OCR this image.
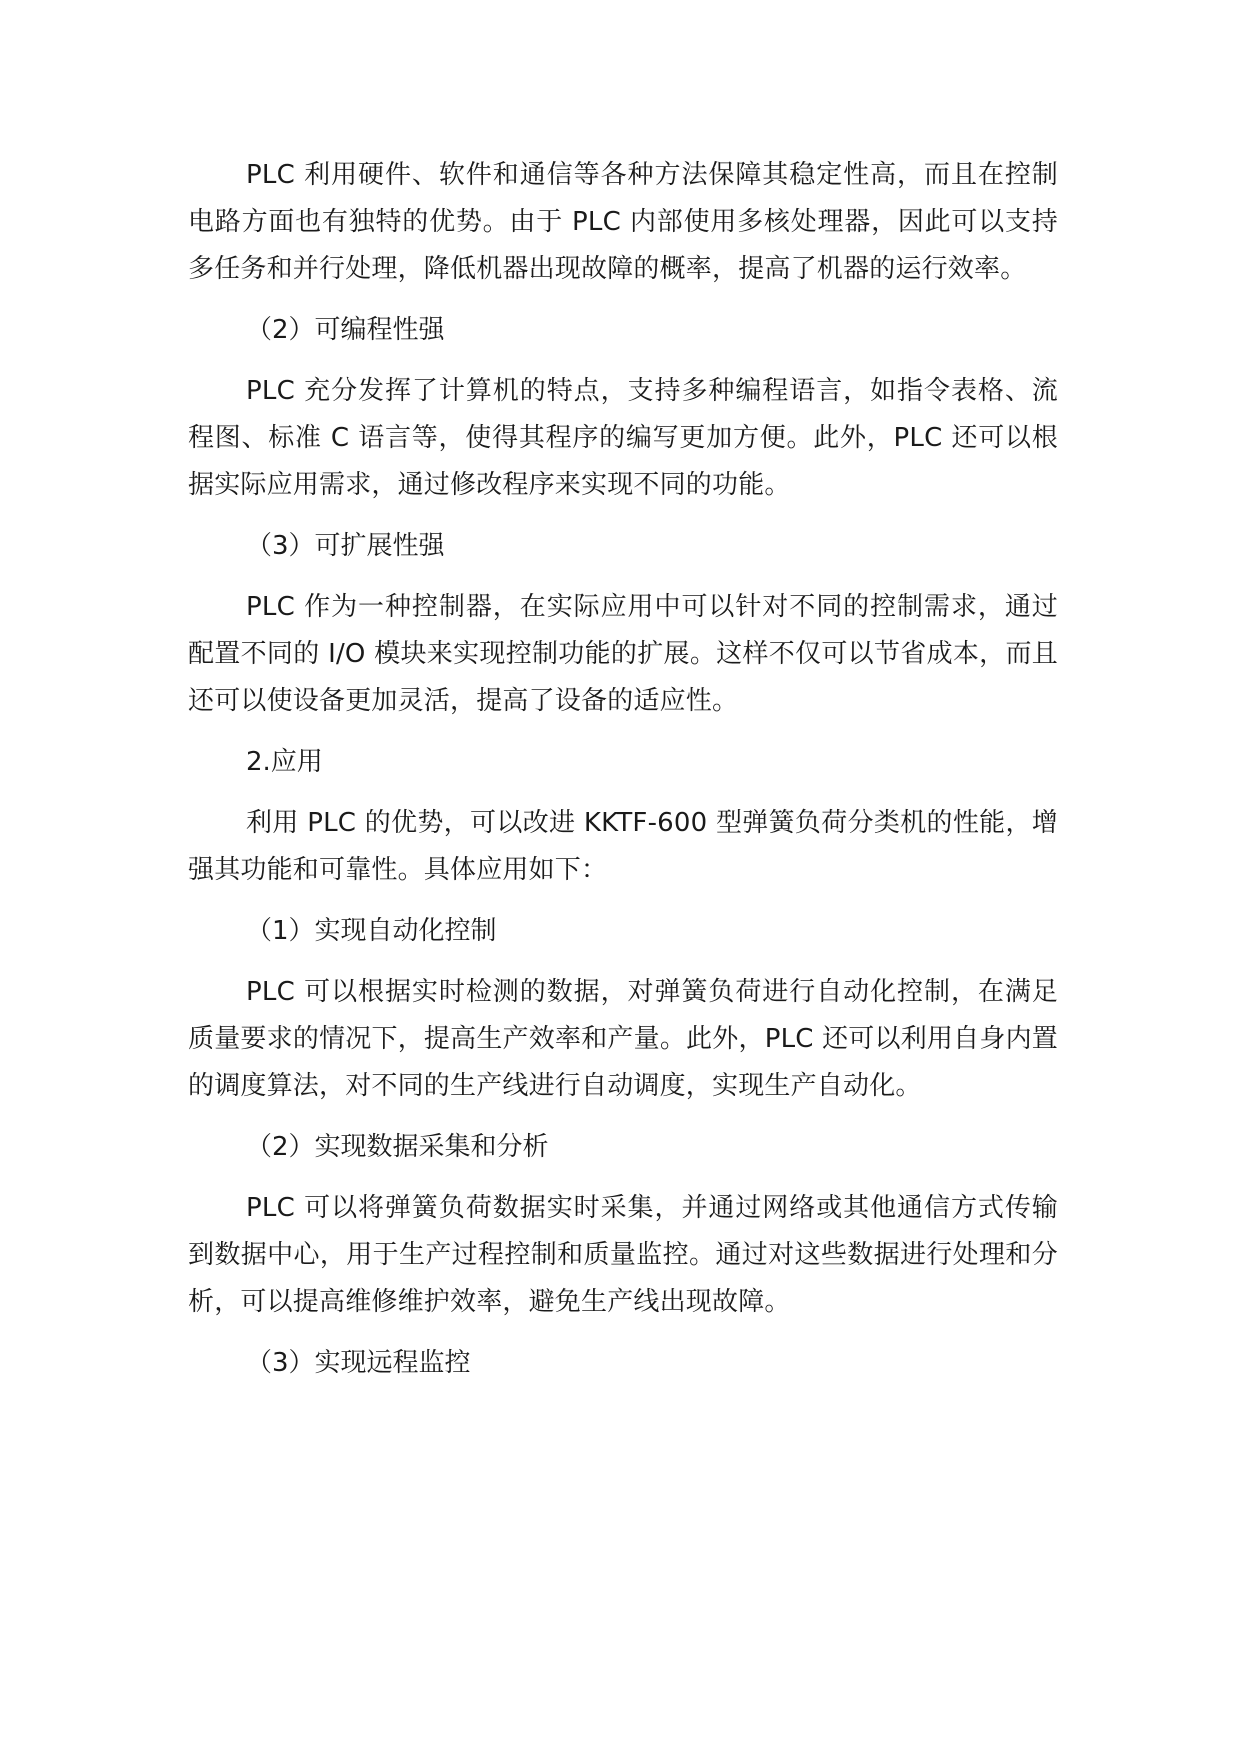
PLC 利用硬件、软件和通信等各种方法保障其稳定性高，而且在控制电路方面也有独特的优势。由于 PLC 内部使用多核处理器，因此可以支持多任务和并行处理，降低机器出现故障的概率，提高了机器的运行效率。

（2）可编程性强

PLC 充分发挥了计算机的特点，支持多种编程语言，如指令表格、流程图、标准 C 语言等，使得其程序的编写更加方便。此外，PLC 还可以根据实际应用需求，通过修改程序来实现不同的功能。

（3）可扩展性强

PLC 作为一种控制器，在实际应用中可以针对不同的控制需求，通过配置不同的 I/O 模块来实现控制功能的扩展。这样不仅可以节省成本，而且还可以使设备更加灵活，提高了设备的适应性。

2.应用

利用 PLC 的优势，可以改进 KKTF-600 型弹簧负荷分类机的性能，增强其功能和可靠性。具体应用如下：

（1）实现自动化控制

PLC 可以根据实时检测的数据，对弹簧负荷进行自动化控制，在满足质量要求的情况下，提高生产效率和产量。此外，PLC 还可以利用自身内置的调度算法，对不同的生产线进行自动调度，实现生产自动化。

（2）实现数据采集和分析

PLC 可以将弹簧负荷数据实时采集，并通过网络或其他通信方式传输到数据中心，用于生产过程控制和质量监控。通过对这些数据进行处理和分析，可以提高维修维护效率，避免生产线出现故障。

（3）实现远程监控
